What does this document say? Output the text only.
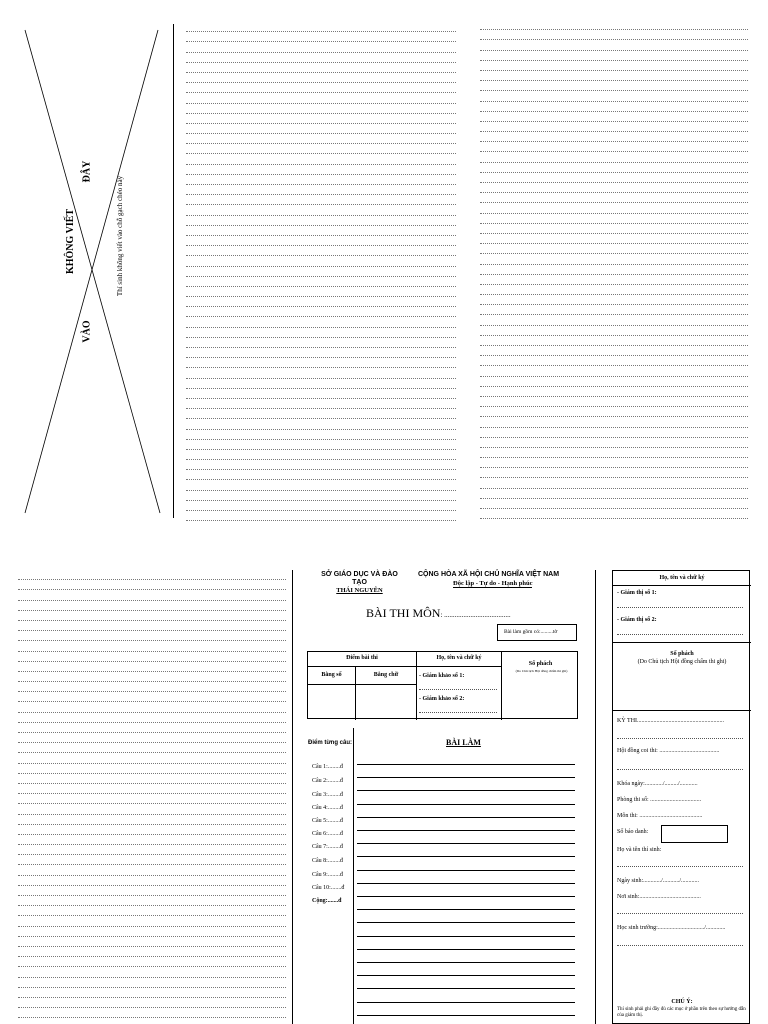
KHÔNG VIẾT
ĐÂY
VÀO
Thí sinh không viết vào chỗ gạch chéo này
SỞ GIÁO DỤC VÀ ĐÀO
TẠO
THÁI NGUYÊN
CỘNG HÒA XÃ HỘI CHỦ NGHĨA VIỆT NAM
Độc lập - Tự do - Hạnh phúc
BÀI THI MÔN: ......................................
Bài làm gồm có:.........tờ
Điểm bài thi
Bằng số	Bằng chữ
Họ, tên và chữ ký
- Giám khảo số 1:
- Giám khảo số 2:
Số phách
(Do Chủ tịch Hội đồng chấm thi ghi)
Điểm từng câu:	BÀI LÀM
Câu 1:........đ
Câu 2:........đ
Câu 3:........đ
Câu 4:........đ
Câu 5:........đ
Câu 6:........đ
Câu 7:........đ
Câu 8:........đ
Câu 9:........đ
Câu 10:.......đ
Cộng:.......đ
Họ, tên và chữ ký
- Giám thị số 1:
- Giám thị số 2:
Số phách
(Do Chủ tịch Hội đồng chấm thi ghi)
KỲ THI..........................................................
Hội đồng coi thi: ........................................
Khóa ngày:............/........./............
Phòng thi số: ..................................
Môn thi: ..........................................
Số báo danh:
Họ và tên thí sinh:
Ngày sinh:............/.........../............
Nơi sinh:.........................................
Học sinh trường:.............................../.............
CHÚ Ý:
Thí sinh phải ghi đầy đủ các mục ở phần trên theo sự hướng dẫn của giám thị.
